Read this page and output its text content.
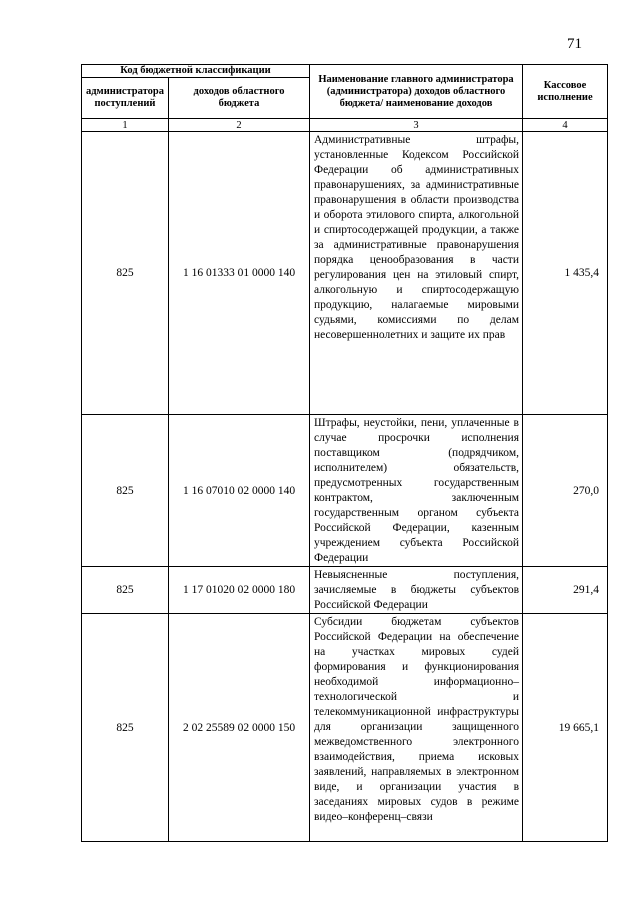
71
Код бюджетной классификации		Наименование главного администратора (администратора) доходов областного бюджета/ наименование доходов	Кассовое исполнение
администратора поступлений	доходов областного бюджета		
1	2	3	4
825	1 16 01333 01 0000 140	Административные штрафы, установленные Кодексом Российской Федерации об административных правонарушениях, за административные правонарушения в области производства и оборота этилового спирта, алкогольной и спиртосодержащей продукции, а также за административные правонарушения порядка ценообразования в части регулирования цен на этиловый спирт, алкогольную и спиртосодержащую продукцию, налагаемые мировыми судьями, комиссиями по делам несовершеннолетних и защите их прав	1 435,4
825	1 16 07010 02 0000 140	Штрафы, неустойки, пени, уплаченные в случае просрочки исполнения поставщиком (подрядчиком, исполнителем) обязательств, предусмотренных государственным контрактом, заключенным государственным органом субъекта Российской Федерации, казенным учреждением субъекта Российской Федерации	270,0
825	1 17 01020 02 0000 180	Невыясненные поступления, зачисляемые в бюджеты субъектов Российской Федерации	291,4
825	2 02 25589 02 0000 150	Субсидии бюджетам субъектов Российской Федерации на обеспечение на участках мировых судей формирования и функционирования необходимой информационно–технологической и телекоммуникационной инфраструктуры для организации защищенного межведомственного электронного взаимодействия, приема исковых заявлений, направляемых в электронном виде, и организации участия в заседаниях мировых судов в режиме видео–конференц–связи	19 665,1
